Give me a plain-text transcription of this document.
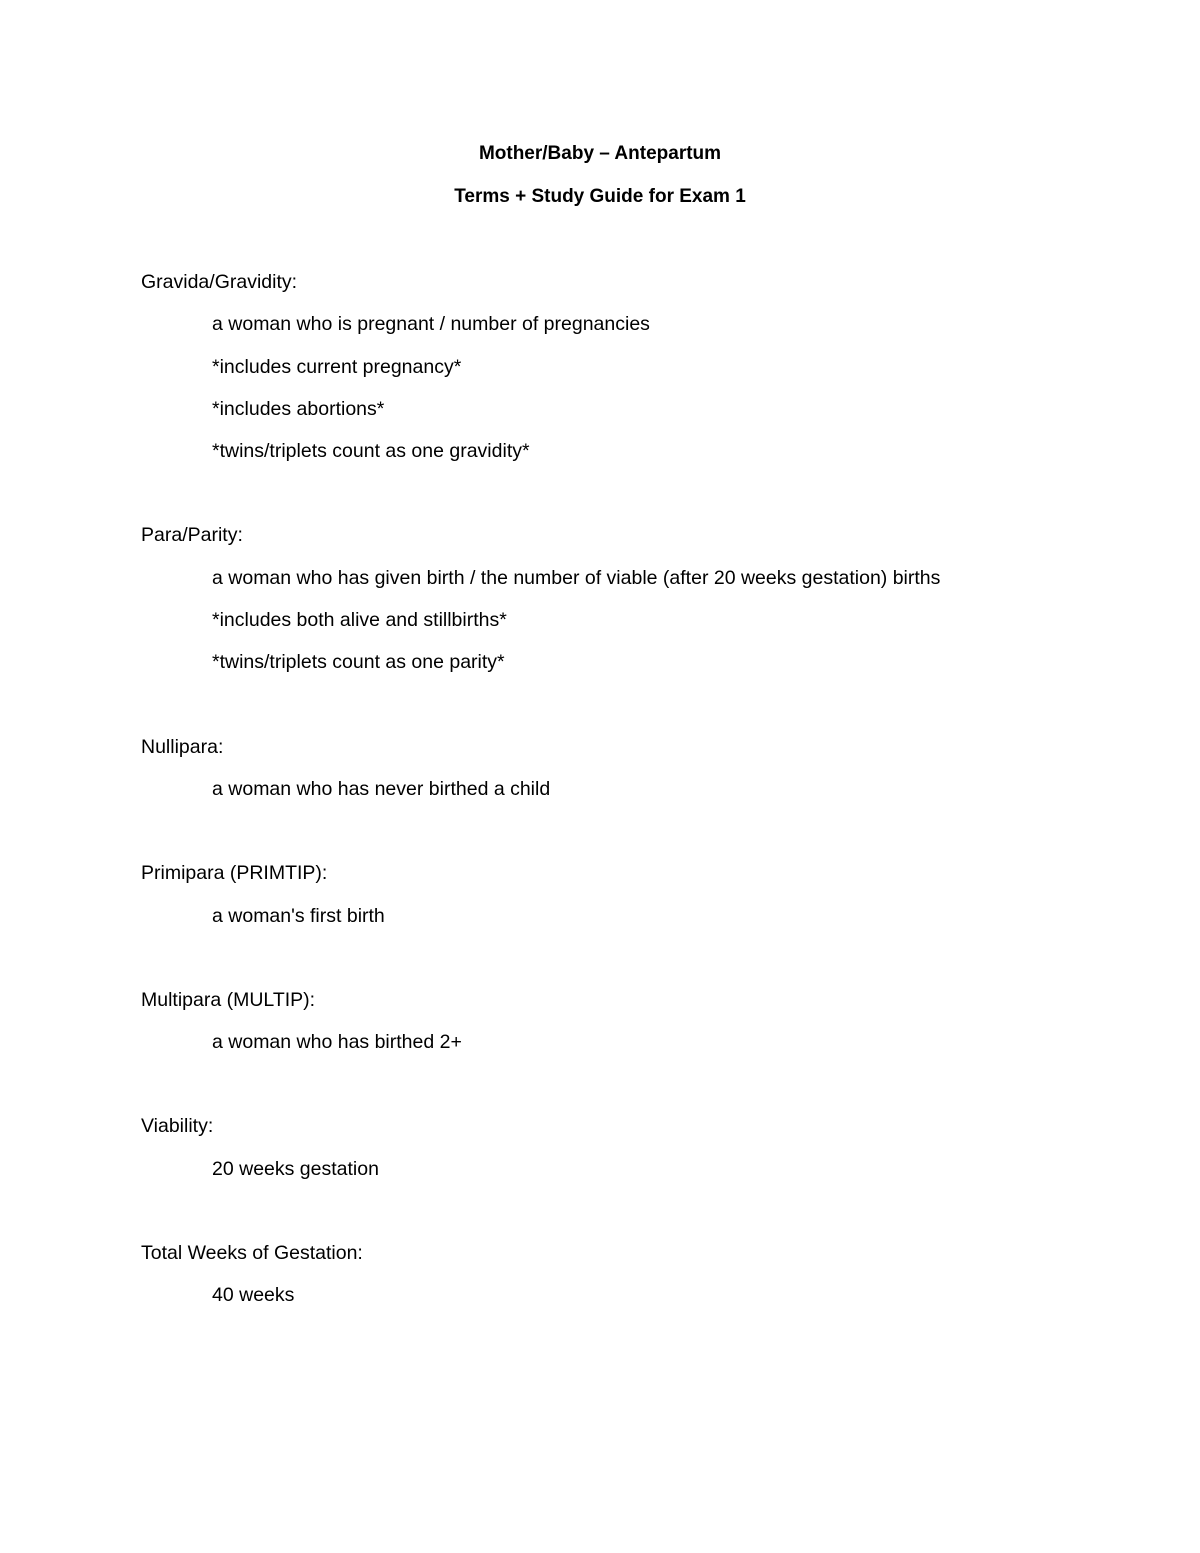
Mother/Baby – Antepartum
Terms + Study Guide for Exam 1

Gravida/Gravidity:

a woman who is pregnant / number of pregnancies

*includes current pregnancy*

*includes abortions*

*twins/triplets count as one gravidity*

Para/Parity:

a woman who has given birth / the number of viable (after 20 weeks gestation) births

*includes both alive and stillbirths*

*twins/triplets count as one parity*

Nullipara:

a woman who has never birthed a child

Primipara (PRIMTIP):

a woman's first birth

Multipara (MULTIP):

a woman who has birthed 2+

Viability:

20 weeks gestation

Total Weeks of Gestation:

40 weeks
